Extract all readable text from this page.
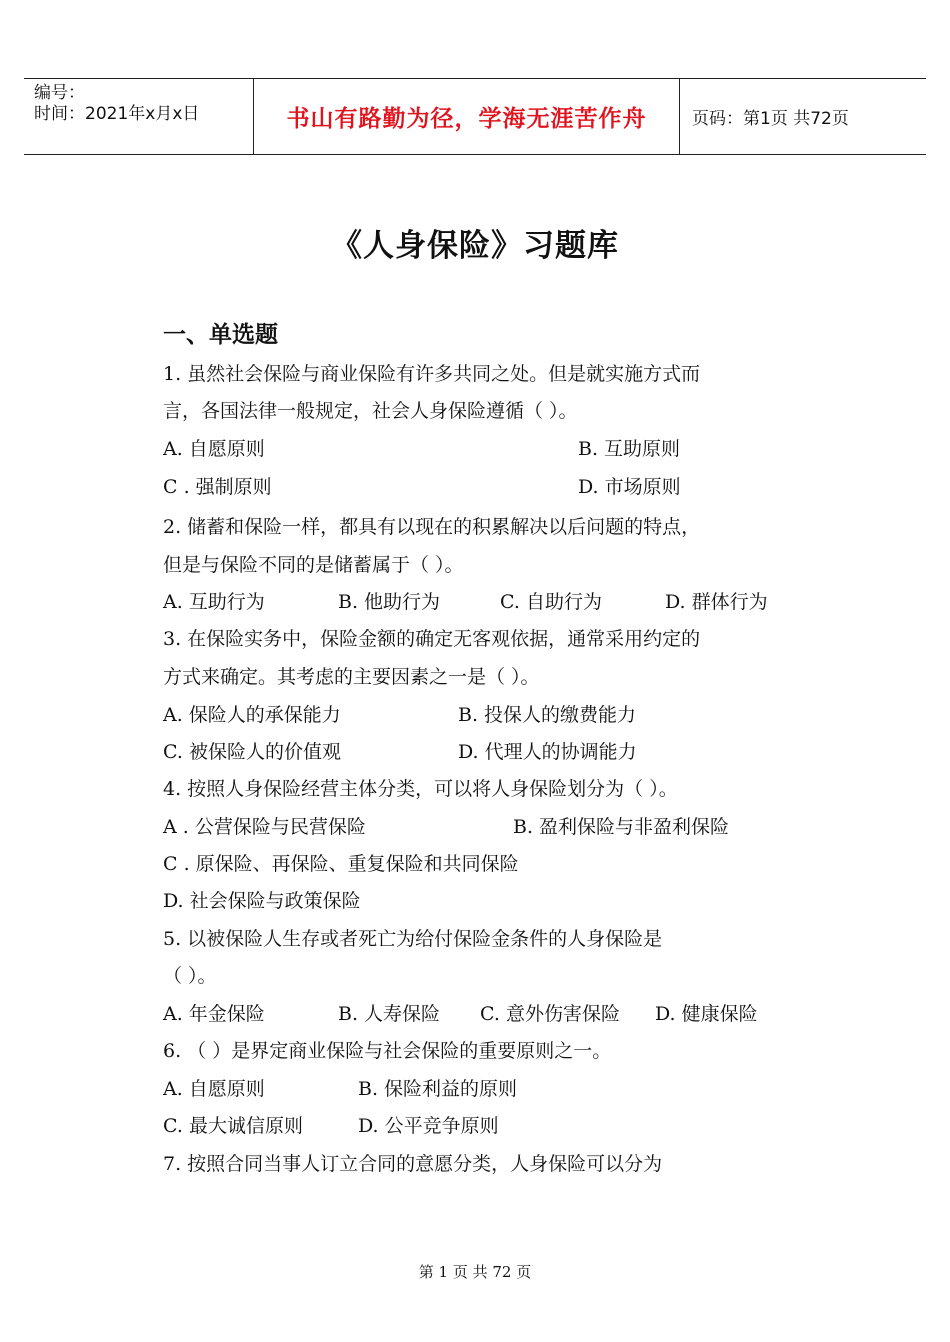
编号：
时间：2021年x月x日	书山有路勤为径，学海无涯苦作舟	页码：第1页 共72页
《人身保险》习题库
一、单选题
1. 虽然社会保险与商业保险有许多共同之处。但是就实施方式而
言，各国法律一般规定，社会人身保险遵循（ ）。
A. 自愿原则	B. 互助原则
C . 强制原则	D. 市场原则
2. 储蓄和保险一样，都具有以现在的积累解决以后问题的特点，
但是与保险不同的是储蓄属于（ ）。
A. 互助行为	B. 他助行为	C. 自助行为	D. 群体行为
3. 在保险实务中，保险金额的确定无客观依据，通常采用约定的
方式来确定。其考虑的主要因素之一是（ ）。
A. 保险人的承保能力	B. 投保人的缴费能力
C. 被保险人的价值观	D. 代理人的协调能力
4. 按照人身保险经营主体分类，可以将人身保险划分为（ ）。
A . 公营保险与民营保险	B. 盈利保险与非盈利保险
C . 原保险、再保险、重复保险和共同保险
D. 社会保险与政策保险
5. 以被保险人生存或者死亡为给付保险金条件的人身保险是
（ ）。
A. 年金保险	B. 人寿保险 C. 意外伤害保险 D. 健康保险
6. （ ）是界定商业保险与社会保险的重要原则之一。
A. 自愿原则	B. 保险利益的原则
C. 最大诚信原则	D. 公平竞争原则
7. 按照合同当事人订立合同的意愿分类，人身保险可以分为
第 1 页 共 72 页
